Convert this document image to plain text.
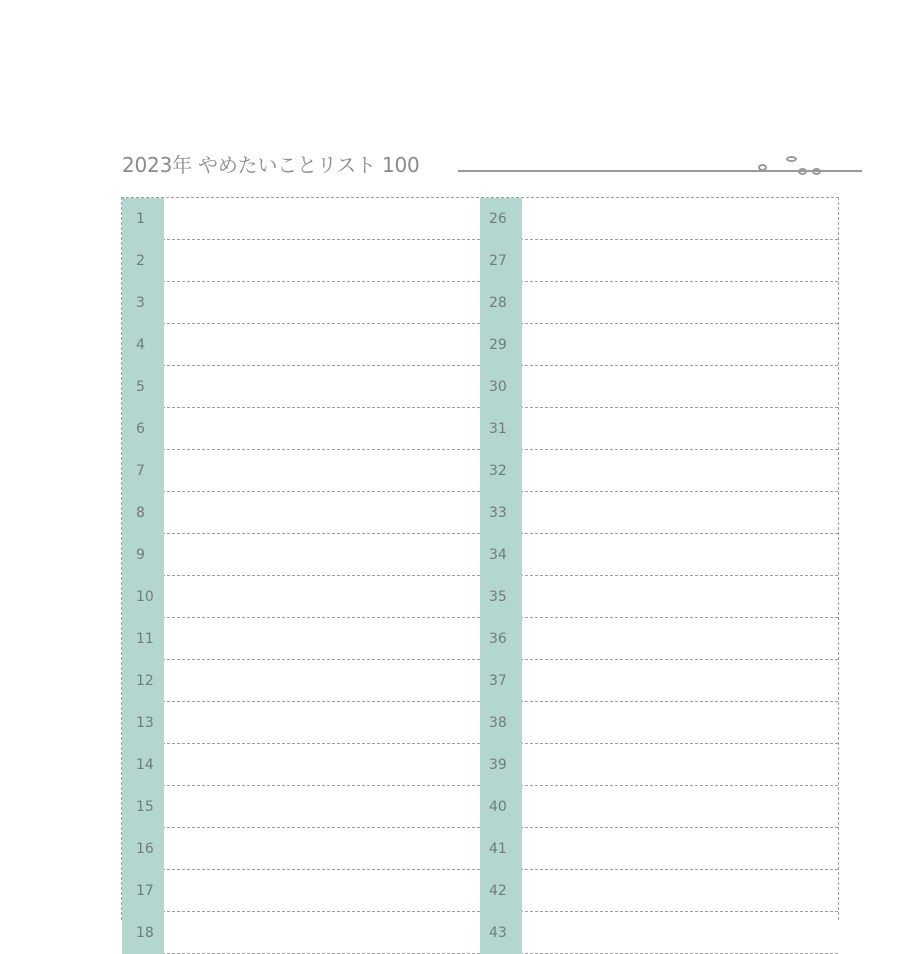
2023年 やめたいことリスト 100
1
2
3
4
5
6
7
8
9
10
11
12
13
14
15
16
17
18
26
27
28
29
30
31
32
33
34
35
36
37
38
39
40
41
42
43
